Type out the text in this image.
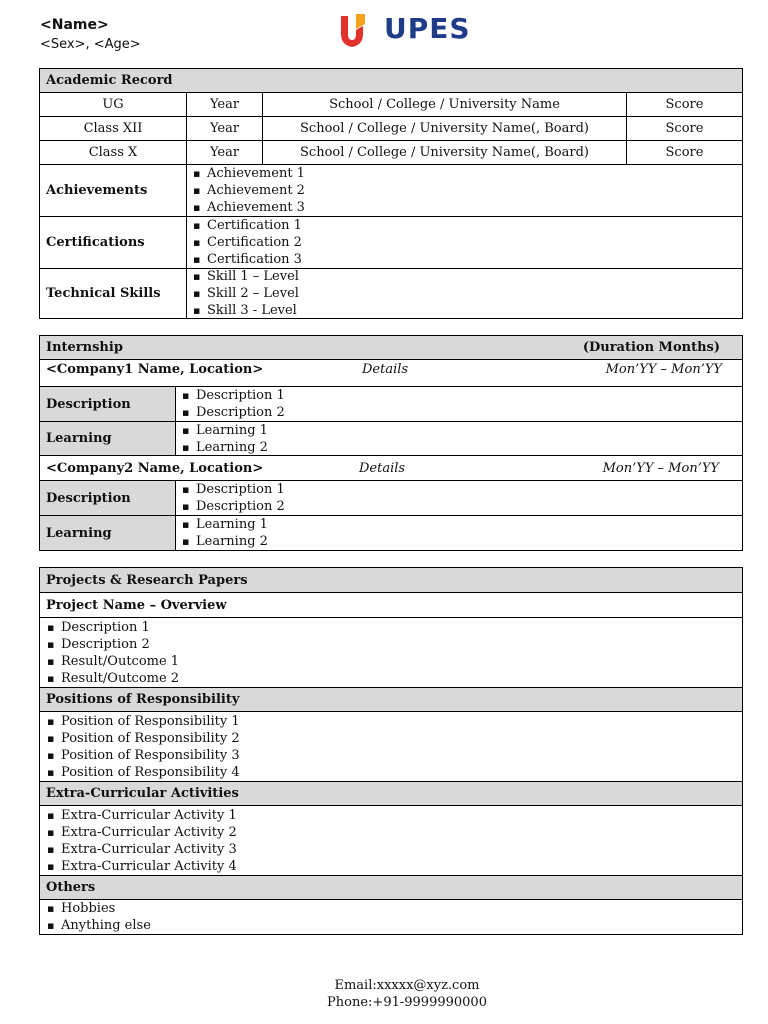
<Name>
<Sex>, <Age>	UPES
Academic Record
UG	Year	School / College / University Name	Score
Class XII	Year	School / College / University Name(, Board)	Score
Class X	Year	School / College / University Name(, Board)	Score
Achievements
▪ Achievement 1
▪ Achievement 2
▪ Achievement 3
Certifications
▪ Certification 1
▪ Certification 2
▪ Certification 3
Technical Skills
▪ Skill 1 – Level
▪ Skill 2 – Level
▪ Skill 3 - Level
Internship	(Duration Months)
<Company1 Name, Location>	Details	Mon’YY – Mon’YY
Description
▪ Description 1
▪ Description 2
Learning
▪ Learning 1
▪ Learning 2
<Company2 Name, Location>	Details	Mon’YY – Mon’YY
Description
▪ Description 1
▪ Description 2
Learning
▪ Learning 1
▪ Learning 2
Projects & Research Papers
Project Name – Overview
▪ Description 1
▪ Description 2
▪ Result/Outcome 1
▪ Result/Outcome 2
Positions of Responsibility
▪ Position of Responsibility 1
▪ Position of Responsibility 2
▪ Position of Responsibility 3
▪ Position of Responsibility 4
Extra-Curricular Activities
▪ Extra-Curricular Activity 1
▪ Extra-Curricular Activity 2
▪ Extra-Curricular Activity 3
▪ Extra-Curricular Activity 4
Others
▪ Hobbies
▪ Anything else
Email:xxxxx@xyz.com
Phone:+91-9999990000
